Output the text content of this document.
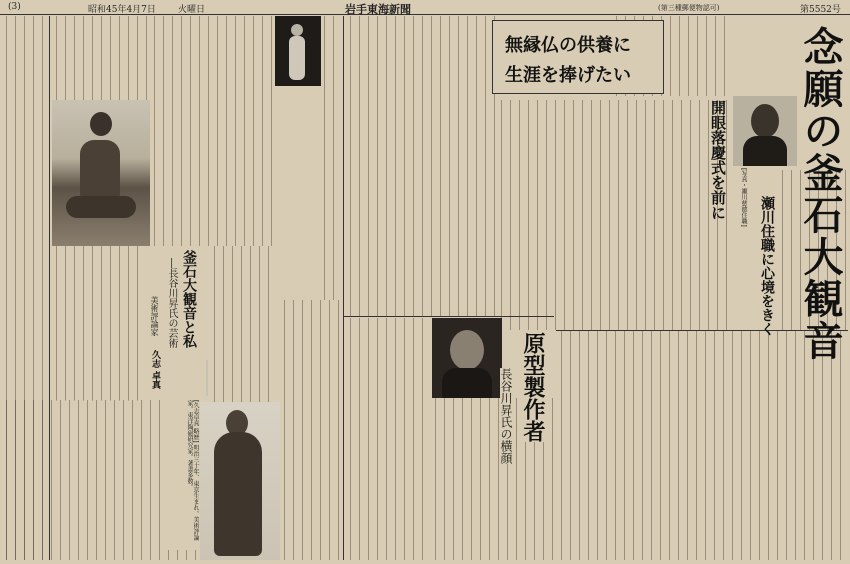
(3)	昭和45年4月7日 火曜日	岩手東海新聞	(第三種郵便物認可)	第5552号
念願の釜石大観音
瀬川住職に心境をきく
開眼落慶式を前に [写真・瀬川慈徳住職]
無縁仏の供養に
生涯を捧げたい
原型製作者
長谷川昇氏の横顔
釜石大観音と私
―長谷川昇氏の芸術
美術評論家
久志 卓真
[久志卓真 略歴] 明治三十年、東京生まれ。美術評論家。東洋陶磁研究家。著書多数。
